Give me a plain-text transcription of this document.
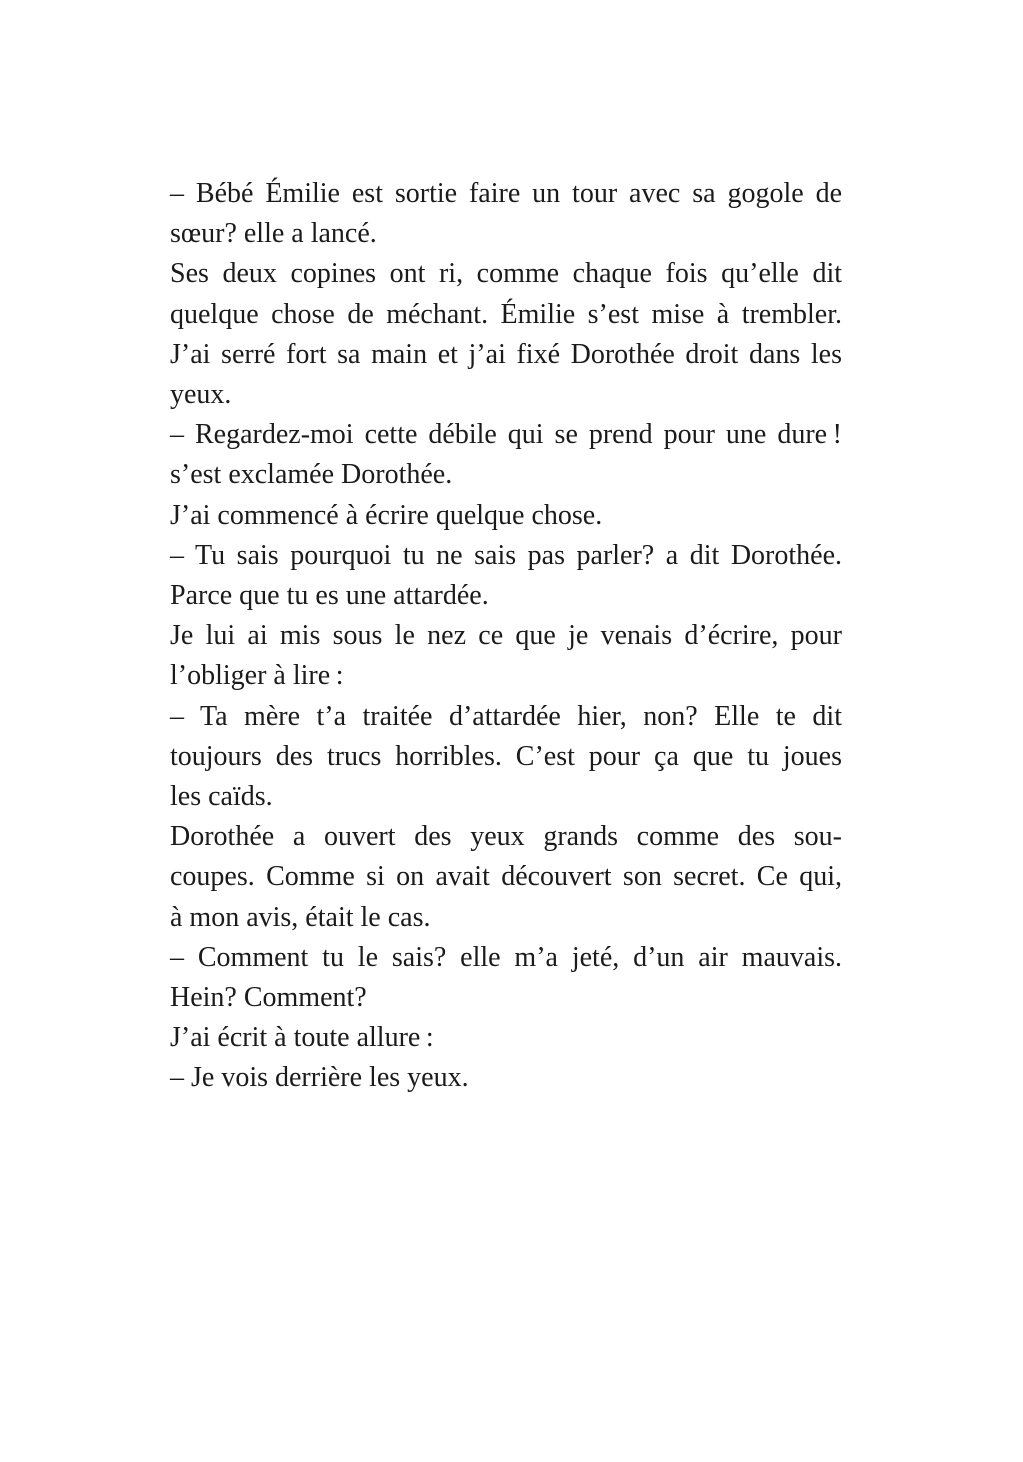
– Bébé Émilie est sortie faire un tour avec sa gogole de
sœur? elle a lancé.
Ses deux copines ont ri, comme chaque fois qu’elle dit
quelque chose de méchant. Émilie s’est mise à trembler.
J’ai serré fort sa main et j’ai fixé Dorothée droit dans les
yeux.
– Regardez-moi cette débile qui se prend pour une dure !
s’est exclamée Dorothée.
J’ai commencé à écrire quelque chose.
– Tu sais pourquoi tu ne sais pas parler? a dit Dorothée.
Parce que tu es une attardée.
Je lui ai mis sous le nez ce que je venais d’écrire, pour
l’obliger à lire :
– Ta mère t’a traitée d’attardée hier, non? Elle te dit
toujours des trucs horribles. C’est pour ça que tu joues
les caïds.
Dorothée a ouvert des yeux grands comme des sou-
coupes. Comme si on avait découvert son secret. Ce qui,
à mon avis, était le cas.
– Comment tu le sais? elle m’a jeté, d’un air mauvais.
Hein? Comment?
J’ai écrit à toute allure :
– Je vois derrière les yeux.
